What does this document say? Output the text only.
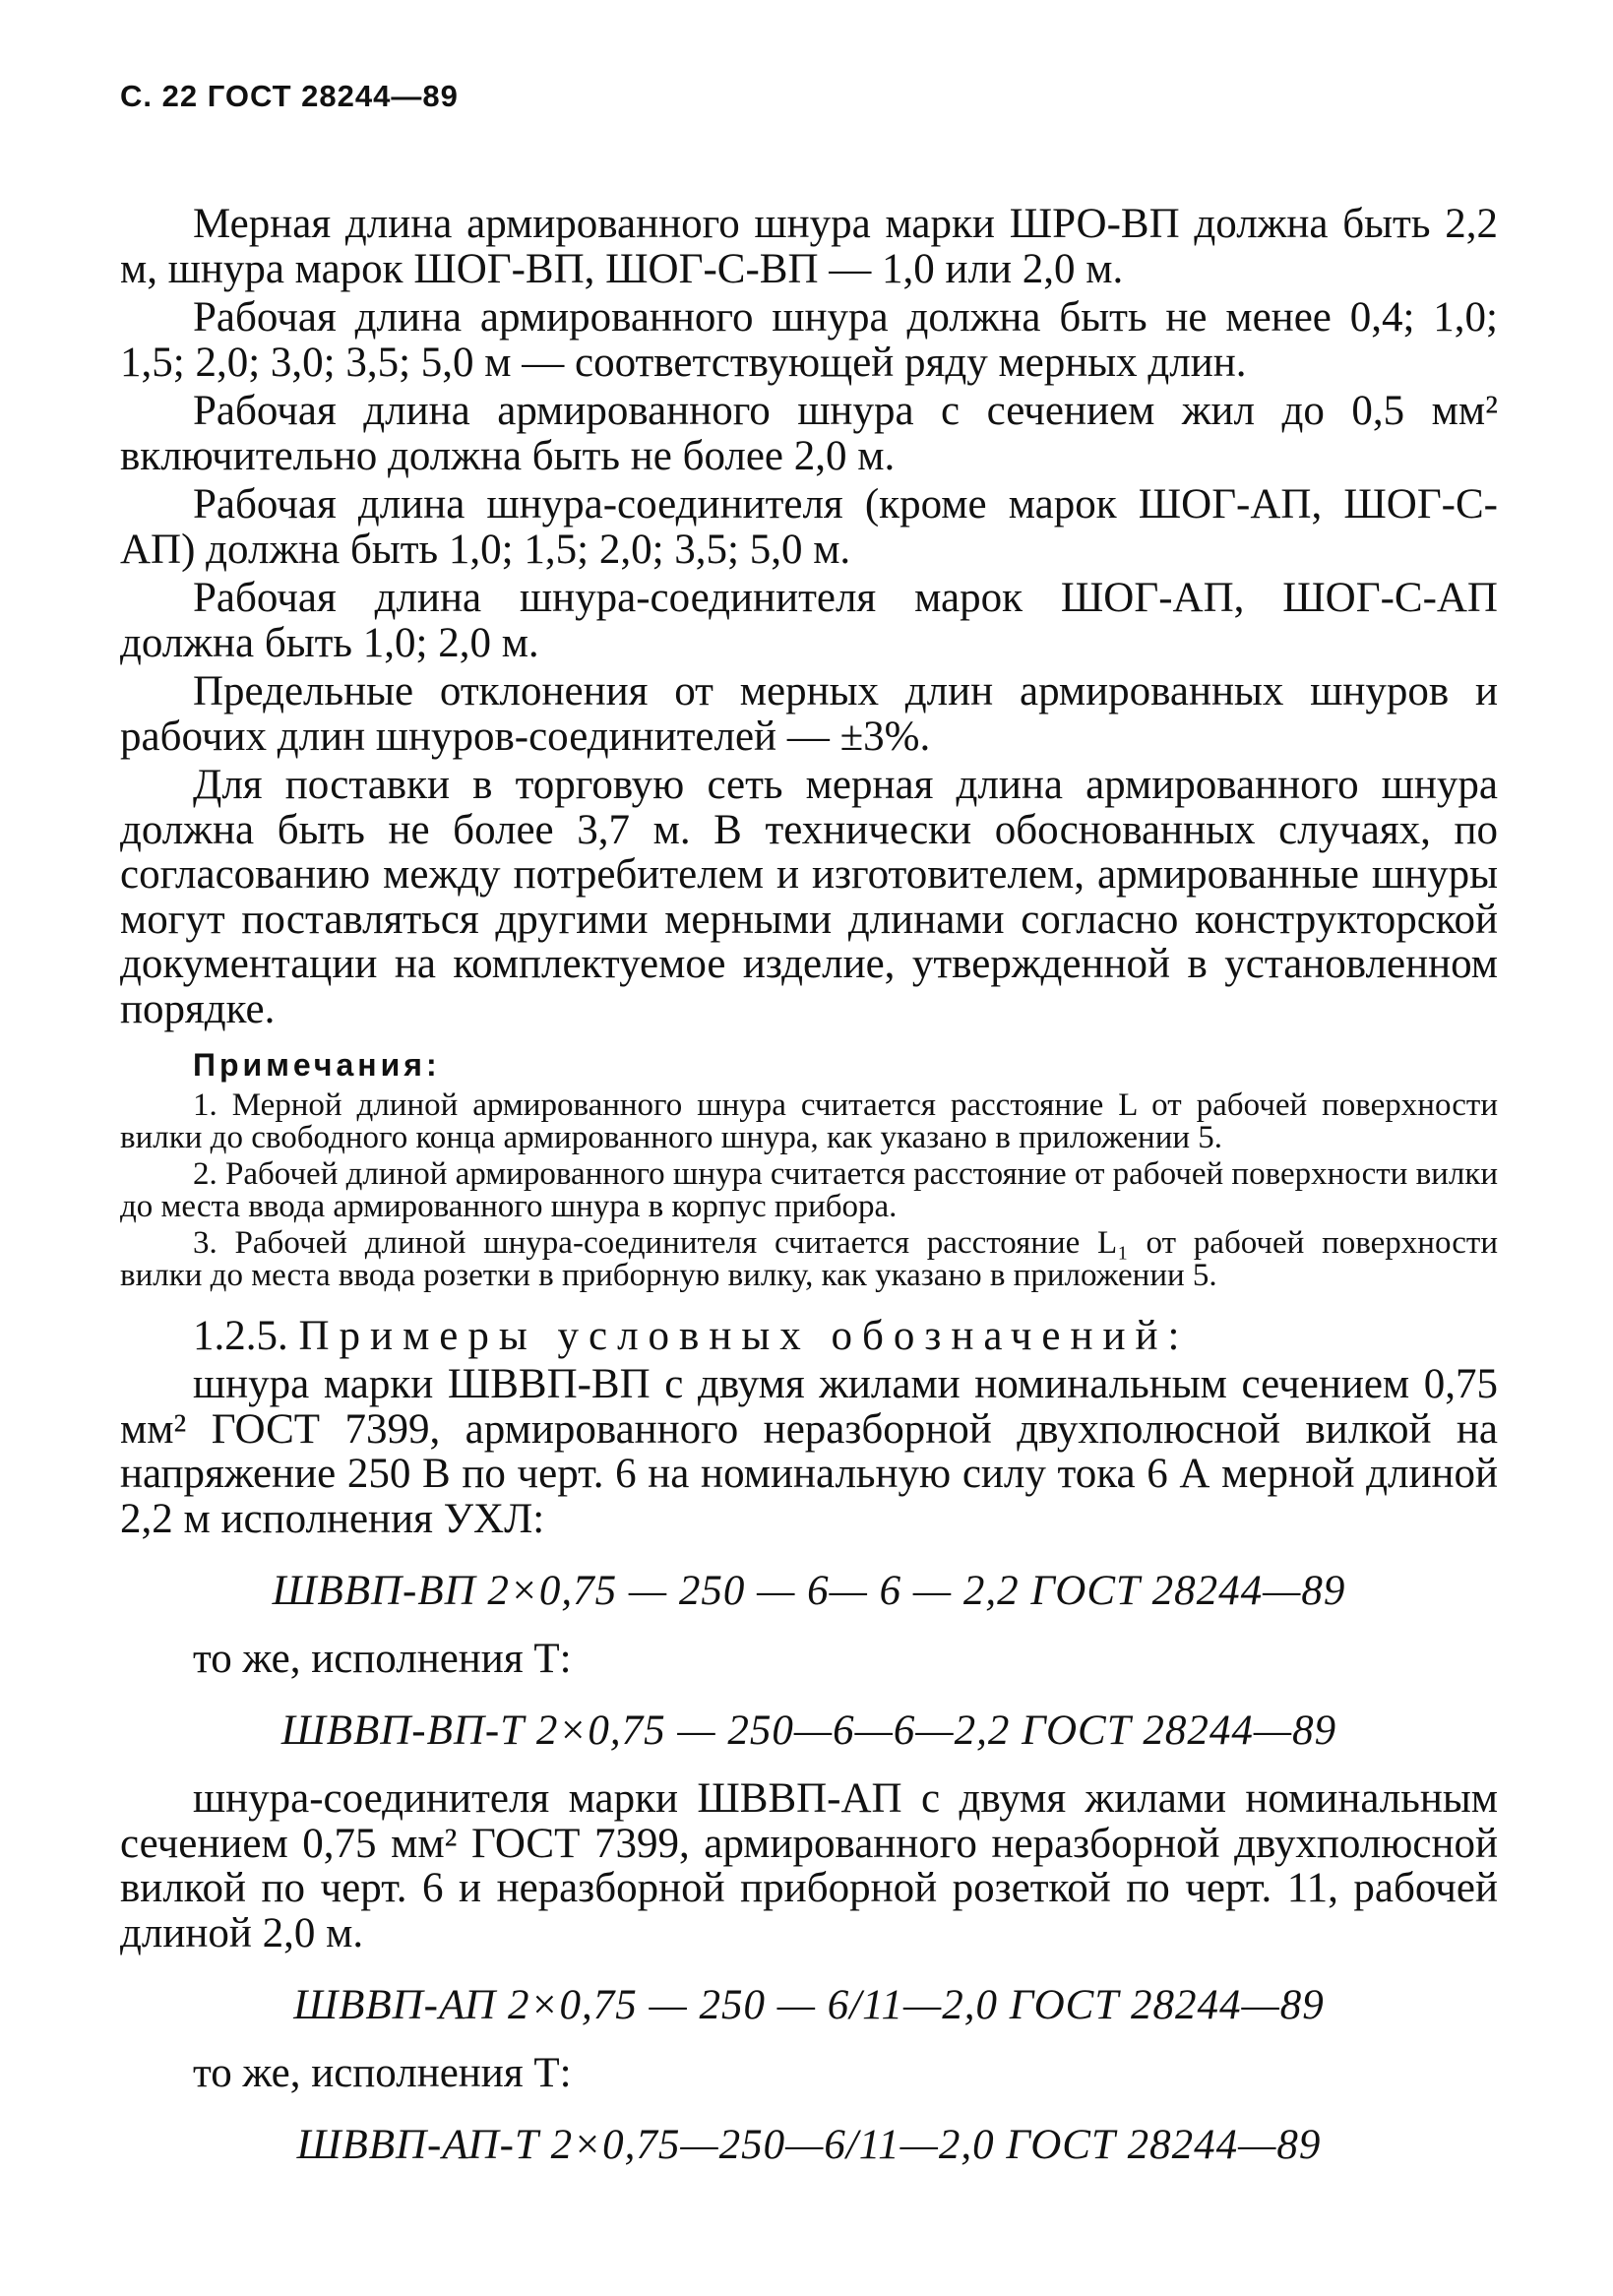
С. 22 ГОСТ 28244—89

Мерная длина армированного шнура марки ШРО-ВП должна быть 2,2 м, шнура марок ШОГ-ВП, ШОГ-С-ВП — 1,0 или 2,0 м.

Рабочая длина армированного шнура должна быть не менее 0,4; 1,0; 1,5; 2,0; 3,0; 3,5; 5,0 м — соответствующей ряду мерных длин.

Рабочая длина армированного шнура с сечением жил до 0,5 мм² включительно должна быть не более 2,0 м.

Рабочая длина шнура-соединителя (кроме марок ШОГ-АП, ШОГ-С-АП) должна быть 1,0; 1,5; 2,0; 3,5; 5,0 м.

Рабочая длина шнура-соединителя марок ШОГ-АП, ШОГ-С-АП должна быть 1,0; 2,0 м.

Предельные отклонения от мерных длин армированных шнуров и рабочих длин шнуров-соединителей — ±3%.

Для поставки в торговую сеть мерная длина армированного шнура должна быть не более 3,7 м. В технически обоснованных случаях, по согласованию между потребителем и изготовителем, армированные шнуры могут поставляться другими мерными длинами согласно конструкторской документации на комплектуемое изделие, утвержденной в установленном порядке.

Примечания:

1. Мерной длиной армированного шнура считается расстояние L от рабочей поверхности вилки до свободного конца армированного шнура, как указано в приложении 5.

2. Рабочей длиной армированного шнура считается расстояние от рабочей поверхности вилки до места ввода армированного шнура в корпус прибора.

3. Рабочей длиной шнура-соединителя считается расстояние L₁ от рабочей поверхности вилки до места ввода розетки в приборную вилку, как указано в приложении 5.

1.2.5. Примеры условных обозначений:

шнура марки ШВВП-ВП с двумя жилами номинальным сечением 0,75 мм² ГОСТ 7399, армированного неразборной двухполюсной вилкой на напряжение 250 В по черт. 6 на номинальную силу тока 6 А мерной длиной 2,2 м исполнения УХЛ:

ШВВП-ВП 2×0,75 — 250 — 6— 6 — 2,2 ГОСТ 28244—89
то же, исполнения Т:
ШВВП-ВП-Т 2×0,75 — 250—6—6—2,2 ГОСТ 28244—89

шнура-соединителя марки ШВВП-АП с двумя жилами номинальным сечением 0,75 мм² ГОСТ 7399, армированного неразборной двухполюсной вилкой по черт. 6 и неразборной приборной розеткой по черт. 11, рабочей длиной 2,0 м.

ШВВП-АП 2×0,75 — 250 — 6/11—2,0 ГОСТ 28244—89
то же, исполнения Т:
ШВВП-АП-Т 2×0,75—250—6/11—2,0 ГОСТ 28244—89
